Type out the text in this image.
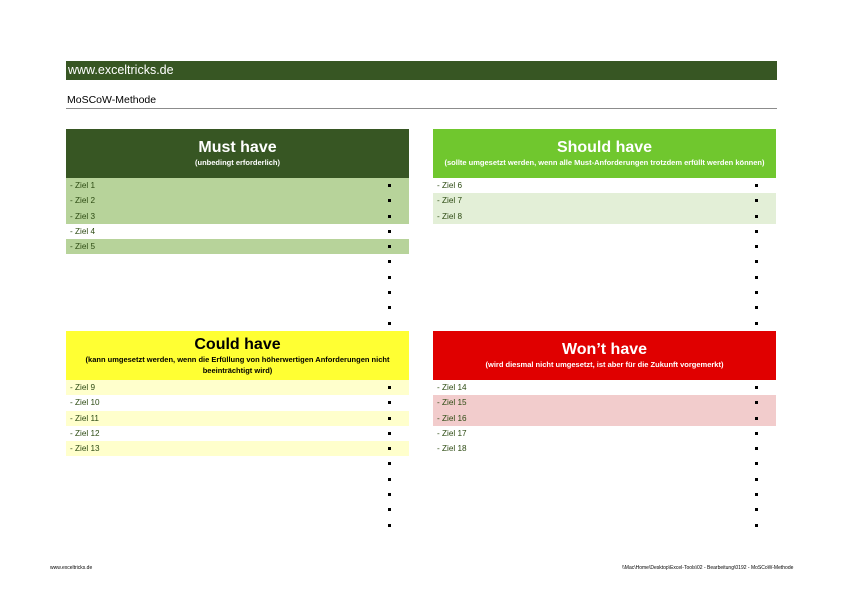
www.exceltricks.de
MoSCoW-Methode
Must have
(unbedingt erforderlich)
- Ziel 1
- Ziel 2
- Ziel 3
- Ziel 4
- Ziel 5
Should have
(sollte umgesetzt werden, wenn alle Must-Anforderungen trotzdem erfüllt werden können)
- Ziel 6
- Ziel 7
- Ziel 8
Could have
(kann umgesetzt werden, wenn die Erfüllung von höherwertigen Anforderungen nicht beeinträchtigt wird)
- Ziel 9
- Ziel 10
- Ziel 11
- Ziel 12
- Ziel 13
Won’t have
(wird diesmal nicht umgesetzt, ist aber für die Zukunft vorgemerkt)
- Ziel 14
- Ziel 15
- Ziel 16
- Ziel 17
- Ziel 18
www.exceltricks.de	\\Mac\Home\Desktop\Excel-Tools\02 - Bearbeitung\0192 - MoSCoW-Methode
